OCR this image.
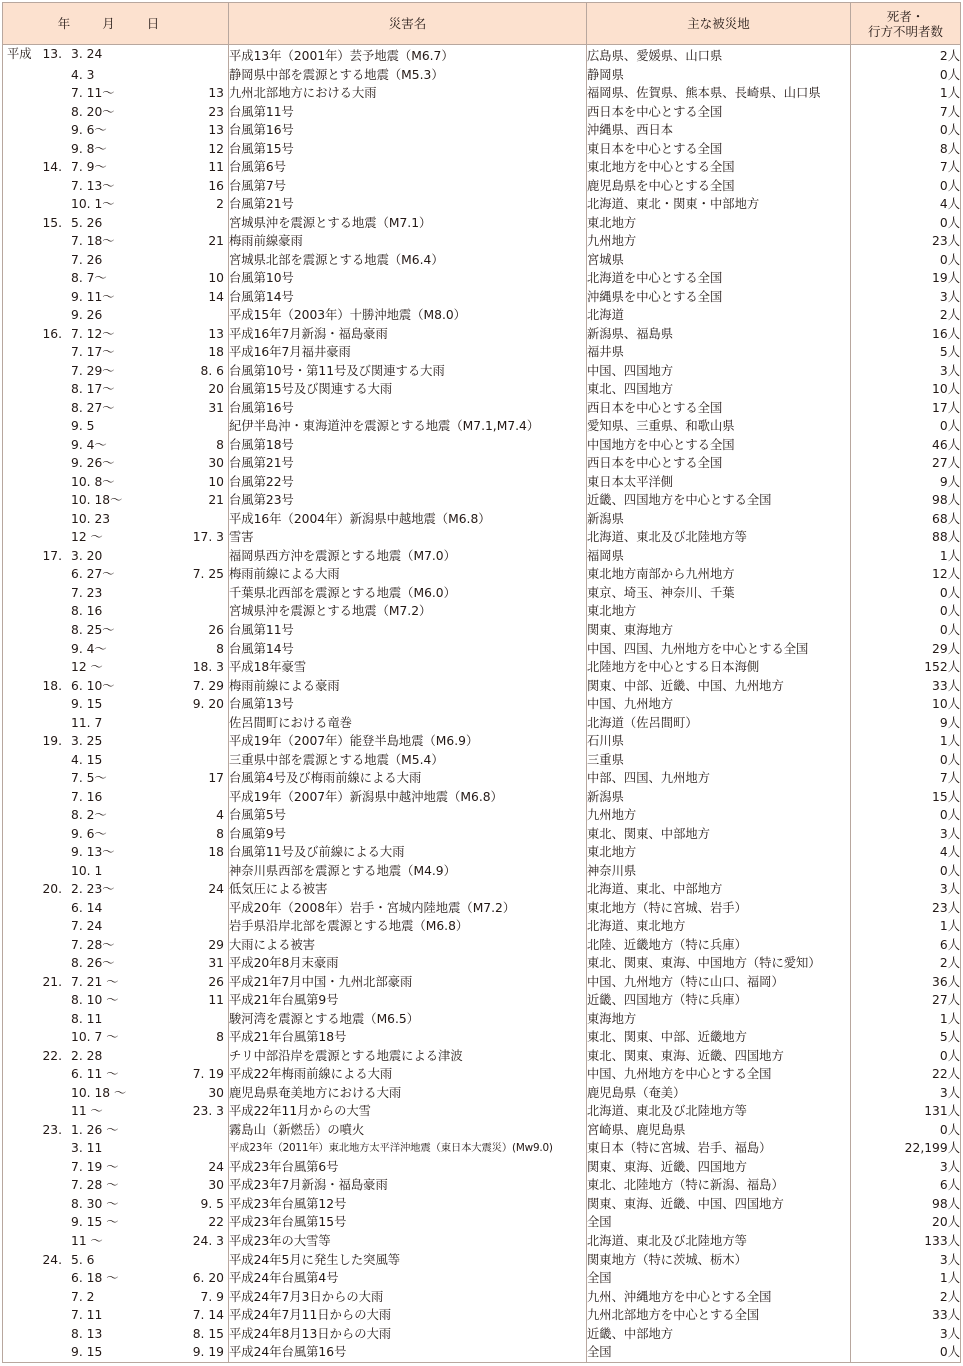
年 月 日	災害名	主な被災地	死者・
行方不明者数

平成 13. 3. 24	平成13年（2001年）芸予地震（M6.7）	広島県、愛媛県、山口県	2人

4. 3	静岡県中部を震源とする地震（M5.3）	静岡県	0人

7. 11～ 13	九州北部地方における大雨	福岡県、佐賀県、熊本県、長崎県、山口県	1人

8. 20～ 23	台風第11号	西日本を中心とする全国	7人

9. 6～ 13	台風第16号	沖縄県、西日本	0人

9. 8～ 12	台風第15号	東日本を中心とする全国	8人

14. 7. 9～ 11	台風第6号	東北地方を中心とする全国	7人

7. 13～ 16	台風第7号	鹿児島県を中心とする全国	0人

10. 1～ 2	台風第21号	北海道、東北・関東・中部地方	4人

15. 5. 26	宮城県沖を震源とする地震（M7.1）	東北地方	0人

7. 18～ 21	梅雨前線豪雨	九州地方	23人

7. 26	宮城県北部を震源とする地震（M6.4）	宮城県	0人

8. 7～ 10	台風第10号	北海道を中心とする全国	19人

9. 11～ 14	台風第14号	沖縄県を中心とする全国	3人

9. 26	平成15年（2003年）十勝沖地震（M8.0）	北海道	2人

16. 7. 12～ 13	平成16年7月新潟・福島豪雨	新潟県、福島県	16人

7. 17～ 18	平成16年7月福井豪雨	福井県	5人

7. 29～ 8. 6	台風第10号・第11号及び関連する大雨	中国、四国地方	3人

8. 17～ 20	台風第15号及び関連する大雨	東北、四国地方	10人

8. 27～ 31	台風第16号	西日本を中心とする全国	17人

9. 5	紀伊半島沖・東海道沖を震源とする地震（M7.1,M7.4）	愛知県、三重県、和歌山県	0人

9. 4～ 8	台風第18号	中国地方を中心とする全国	46人

9. 26～ 30	台風第21号	西日本を中心とする全国	27人

10. 8～ 10	台風第22号	東日本太平洋側	9人

10. 18～ 21	台風第23号	近畿、四国地方を中心とする全国	98人

10. 23	平成16年（2004年）新潟県中越地震（M6.8）	新潟県	68人

12 ～ 17. 3	雪害	北海道、東北及び北陸地方等	88人

17. 3. 20	福岡県西方沖を震源とする地震（M7.0）	福岡県	1人

6. 27～ 7. 25	梅雨前線による大雨	東北地方南部から九州地方	12人

7. 23	千葉県北西部を震源とする地震（M6.0）	東京、埼玉、神奈川、千葉	0人

8. 16	宮城県沖を震源とする地震（M7.2）	東北地方	0人

8. 25～ 26	台風第11号	関東、東海地方	0人

9. 4～ 8	台風第14号	中国、四国、九州地方を中心とする全国	29人

12 ～ 18. 3	平成18年豪雪	北陸地方を中心とする日本海側	152人

18. 6. 10～ 7. 29	梅雨前線による豪雨	関東、中部、近畿、中国、九州地方	33人

9. 15 9. 20	台風第13号	中国、九州地方	10人

11. 7	佐呂間町における竜巻	北海道（佐呂間町）	9人

19. 3. 25	平成19年（2007年）能登半島地震（M6.9）	石川県	1人

4. 15	三重県中部を震源とする地震（M5.4）	三重県	0人

7. 5～ 17	台風第4号及び梅雨前線による大雨	中部、四国、九州地方	7人

7. 16	平成19年（2007年）新潟県中越沖地震（M6.8）	新潟県	15人

8. 2～ 4	台風第5号	九州地方	0人

9. 6～ 8	台風第9号	東北、関東、中部地方	3人

9. 13～ 18	台風第11号及び前線による大雨	東北地方	4人

10. 1	神奈川県西部を震源とする地震（M4.9）	神奈川県	0人

20. 2. 23～ 24	低気圧による被害	北海道、東北、中部地方	3人

6. 14	平成20年（2008年）岩手・宮城内陸地震（M7.2）	東北地方（特に宮城、岩手）	23人

7. 24	岩手県沿岸北部を震源とする地震（M6.8）	北海道、東北地方	1人

7. 28～ 29	大雨による被害	北陸、近畿地方（特に兵庫）	6人

8. 26～ 31	平成20年8月末豪雨	東北、関東、東海、中国地方（特に愛知）	2人

21. 7. 21 ～ 26	平成21年7月中国・九州北部豪雨	中国、九州地方（特に山口、福岡）	36人

8. 10 ～ 11	平成21年台風第9号	近畿、四国地方（特に兵庫）	27人

8. 11	駿河湾を震源とする地震（M6.5）	東海地方	1人

10. 7 ～ 8	平成21年台風第18号	東北、関東、中部、近畿地方	5人

22. 2. 28	チリ中部沿岸を震源とする地震による津波	東北、関東、東海、近畿、四国地方	0人

6. 11 ～ 7. 19	平成22年梅雨前線による大雨	中国、九州地方を中心とする全国	22人

10. 18 ～ 30	鹿児島県奄美地方における大雨	鹿児島県（奄美）	3人

11 ～ 23. 3	平成22年11月からの大雪	北海道、東北及び北陸地方等	131人

23. 1. 26 ～	霧島山（新燃岳）の噴火	宮崎県、鹿児島県	0人

3. 11	平成23年（2011年）東北地方太平洋沖地震（東日本大震災）(Mw9.0)	東日本（特に宮城、岩手、福島）	22,199人

7. 19 ～ 24	平成23年台風第6号	関東、東海、近畿、四国地方	3人

7. 28 ～ 30	平成23年7月新潟・福島豪雨	東北、北陸地方（特に新潟、福島）	6人

8. 30 ～ 9. 5	平成23年台風第12号	関東、東海、近畿、中国、四国地方	98人

9. 15 ～ 22	平成23年台風第15号	全国	20人

11 ～ 24. 3	平成23年の大雪等	北海道、東北及び北陸地方等	133人

24. 5. 6	平成24年5月に発生した突風等	関東地方（特に茨城、栃木）	3人

6. 18 ～ 6. 20	平成24年台風第4号	全国	1人

7. 2 7. 9	平成24年7月3日からの大雨	九州、沖縄地方を中心とする全国	2人

7. 11 7. 14	平成24年7月11日からの大雨	九州北部地方を中心とする全国	33人

8. 13 8. 15	平成24年8月13日からの大雨	近畿、中部地方	3人

9. 15 9. 19	平成24年台風第16号	全国	0人
